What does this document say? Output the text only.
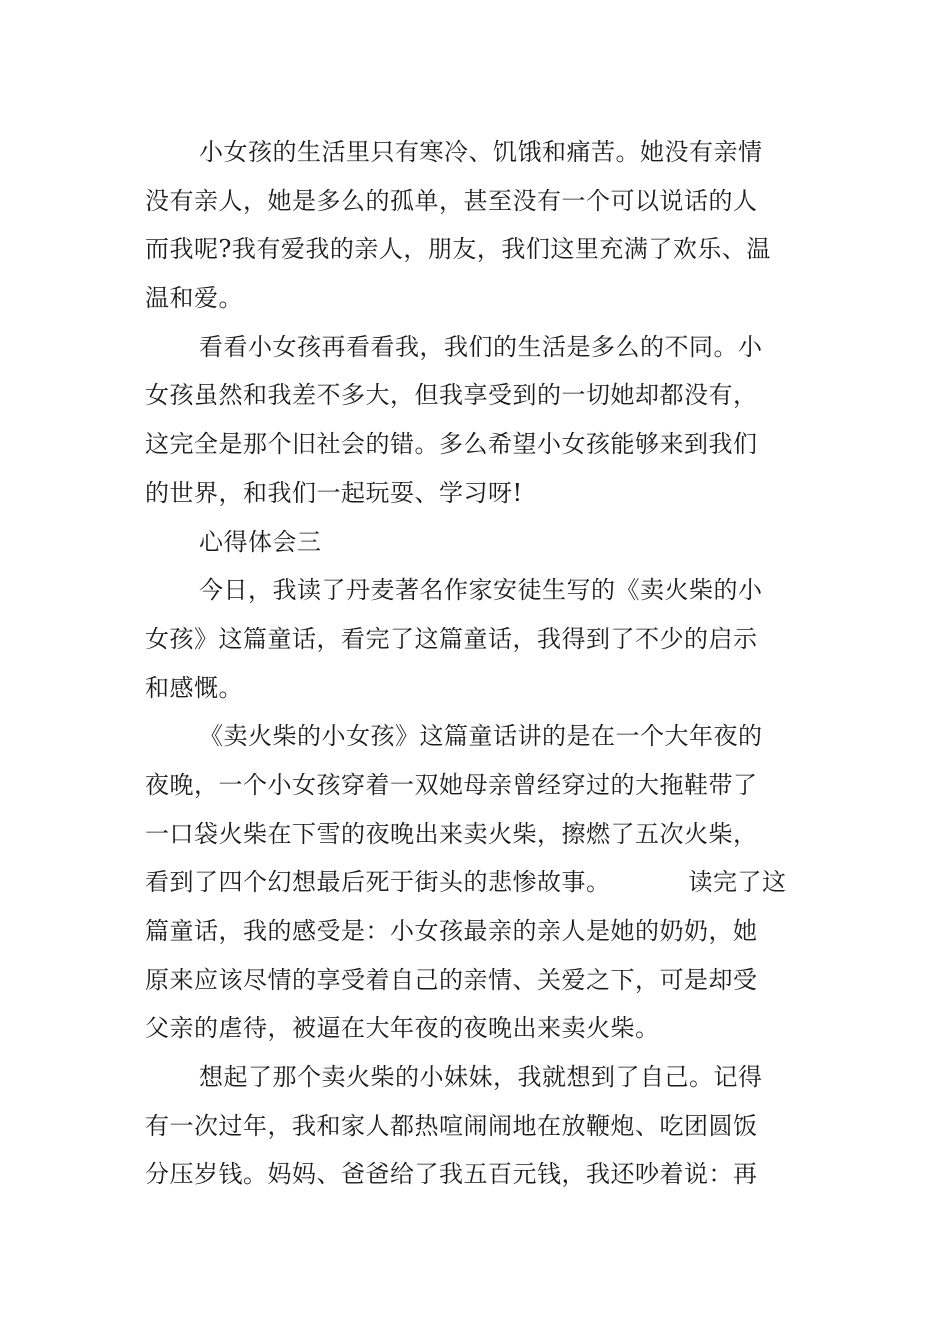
小女孩的生活里只有寒冷、饥饿和痛苦。她没有亲情
没有亲人，她是多么的孤单，甚至没有一个可以说话的人
而我呢?我有爱我的亲人，朋友，我们这里充满了欢乐、温
温和爱。
看看小女孩再看看我，我们的生活是多么的不同。小
女孩虽然和我差不多大，但我享受到的一切她却都没有，
这完全是那个旧社会的错。多么希望小女孩能够来到我们
的世界，和我们一起玩耍、学习呀!
心得体会三
今日，我读了丹麦著名作家安徒生写的《卖火柴的小
女孩》这篇童话，看完了这篇童话，我得到了不少的启示
和感慨。
《卖火柴的小女孩》这篇童话讲的是在一个大年夜的
夜晚，一个小女孩穿着一双她母亲曾经穿过的大拖鞋带了
一口袋火柴在下雪的夜晚出来卖火柴，擦燃了五次火柴，
看到了四个幻想最后死于街头的悲惨故事。	读完了这
篇童话，我的感受是：小女孩最亲的亲人是她的奶奶，她
原来应该尽情的享受着自己的亲情、关爱之下，可是却受
父亲的虐待，被逼在大年夜的夜晚出来卖火柴。
想起了那个卖火柴的小妹妹，我就想到了自己。记得
有一次过年，我和家人都热喧闹闹地在放鞭炮、吃团圆饭
分压岁钱。妈妈、爸爸给了我五百元钱，我还吵着说：再
